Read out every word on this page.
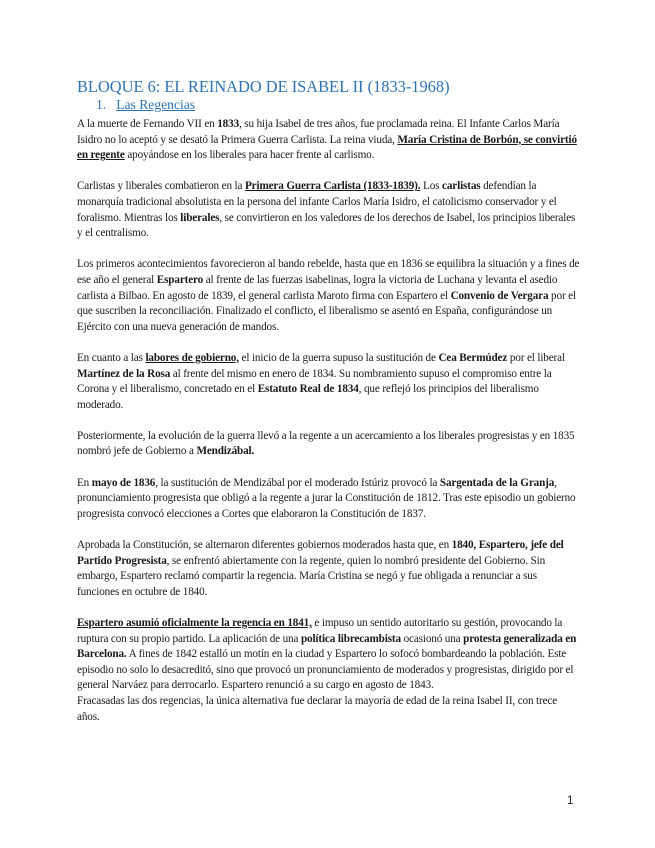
BLOQUE 6: EL REINADO DE ISABEL II (1833-1968)
1. Las Regencias

A la muerte de Fernando VII en 1833, su hija Isabel de tres años, fue proclamada reina. El Infante Carlos María Isidro no lo aceptó y se desató la Primera Guerra Carlista. La reina viuda, María Cristina de Borbón, se convirtió en regente apoyándose en los liberales para hacer frente al carlismo.

Carlistas y liberales combatieron en la Primera Guerra Carlista (1833-1839). Los carlistas defendían la monarquía tradicional absolutista en la persona del infante Carlos María Isidro, el catolicismo conservador y el foralismo. Mientras los liberales, se convirtieron en los valedores de los derechos de Isabel, los principios liberales y el centralismo.

Los primeros acontecimientos favorecieron al bando rebelde, hasta que en 1836 se equilibra la situación y a fines de ese año el general Espartero al frente de las fuerzas isabelinas, logra la victoria de Luchana y levanta el asedio carlista a Bilbao. En agosto de 1839, el general carlista Maroto firma con Espartero el Convenio de Vergara por el que suscriben la reconciliación. Finalizado el conflicto, el liberalismo se asentó en España, configurándose un Ejército con una nueva generación de mandos.

En cuanto a las labores de gobierno, el inicio de la guerra supuso la sustitución de Cea Bermúdez por el liberal Martínez de la Rosa al frente del mismo en enero de 1834. Su nombramiento supuso el compromiso entre la Corona y el liberalismo, concretado en el Estatuto Real de 1834, que reflejó los principios del liberalismo moderado.

Posteriormente, la evolución de la guerra llevó a la regente a un acercamiento a los liberales progresistas y en 1835 nombró jefe de Gobierno a Mendizábal.

En mayo de 1836, la sustitución de Mendizábal por el moderado Istúriz provocó la Sargentada de la Granja, pronunciamiento progresista que obligó a la regente a jurar la Constitución de 1812. Tras este episodio un gobierno progresista convocó elecciones a Cortes que elaboraron la Constitución de 1837.

Aprobada la Constitución, se alternaron diferentes gobiernos moderados hasta que, en 1840, Espartero, jefe del Partido Progresista, se enfrentó abiertamente con la regente, quien lo nombró presidente del Gobierno. Sin embargo, Espartero reclamó compartir la regencia. María Cristina se negó y fue obligada a renunciar a sus funciones en octubre de 1840.

Espartero asumió oficialmente la regencia en 1841, e impuso un sentido autoritario su gestión, provocando la ruptura con su propio partido. La aplicación de una política librecambista ocasionó una protesta generalizada en Barcelona. A fines de 1842 estalló un motín en la ciudad y Espartero lo sofocó bombardeando la población. Este episodio no solo lo desacreditó, sino que provocó un pronunciamiento de moderados y progresistas, dirigido por el general Narváez para derrocarlo. Espartero renunció a su cargo en agosto de 1843.

Fracasadas las dos regencias, la única alternativa fue declarar la mayoría de edad de la reina Isabel II, con trece años.

1
